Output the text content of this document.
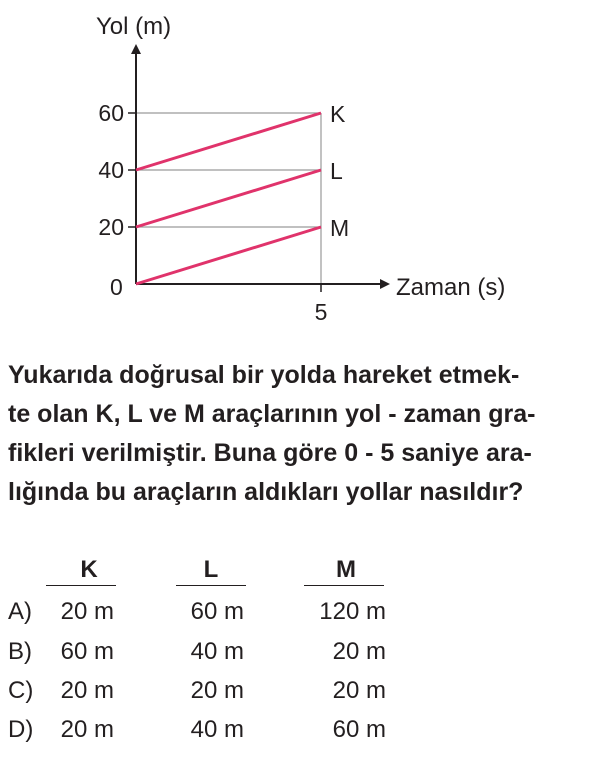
K
L
M
60
40
20
5
Yol (m)
Zaman (s)
0
Yukarıda doğrusal bir yolda hareket etmek-
te olan K, L ve M araçlarının yol - zaman gra-
fikleri verilmiştir. Buna göre 0 - 5 saniye ara-
lığında bu araçların aldıkları yollar nasıldır?
K	L	M
A)	20 m	60 m	120 m
B)	60 m	40 m	20 m
C)	20 m	20 m	20 m
D)	20 m	40 m	60 m
